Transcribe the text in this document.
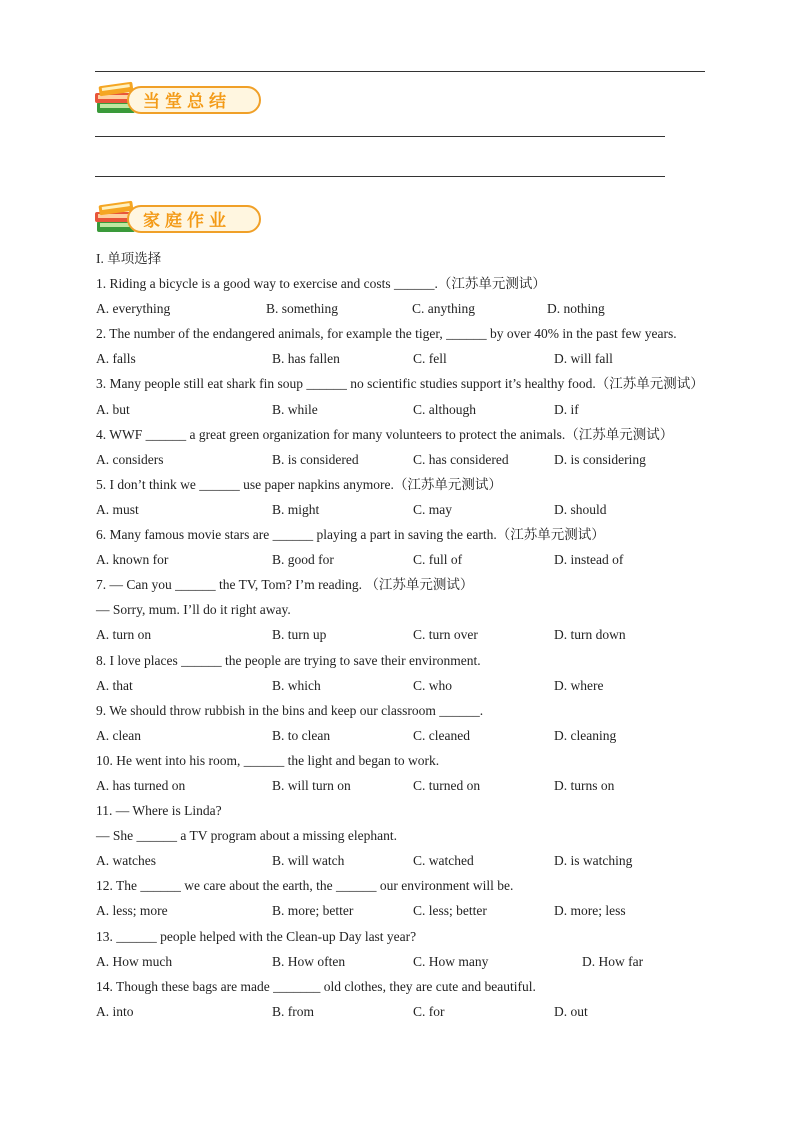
当堂总结
家庭作业
I. 单项选择
1. Riding a bicycle is a good way to exercise and costs ______.（江苏单元测试）
A. everything	B. something	C. anything	D. nothing
2. The number of the endangered animals, for example the tiger, ______ by over 40% in the past few years.
A. falls	B. has fallen	C. fell	D. will fall
3. Many people still eat shark fin soup ______ no scientific studies support it’s healthy food.（江苏单元测试）
A. but	B. while	C. although	D. if
4. WWF ______ a great green organization for many volunteers to protect the animals.（江苏单元测试）
A. considers	B. is considered	C. has considered	D. is considering
5. I don’t think we ______ use paper napkins anymore.（江苏单元测试）
A. must	B. might	C. may	D. should
6. Many famous movie stars are ______ playing a part in saving the earth.（江苏单元测试）
A. known for	B. good for	C. full of	D. instead of
7. — Can you ______ the TV, Tom? I’m reading. （江苏单元测试）
— Sorry, mum. I’ll do it right away.
A. turn on	B. turn up	C. turn over	D. turn down
8. I love places ______ the people are trying to save their environment.
A. that	B. which	C. who	D. where
9. We should throw rubbish in the bins and keep our classroom ______.
A. clean	B. to clean	C. cleaned	D. cleaning
10. He went into his room, ______ the light and began to work.
A. has turned on	B. will turn on	C. turned on	D. turns on
11. — Where is Linda?
— She ______ a TV program about a missing elephant.
A. watches	B. will watch	C. watched	D. is watching
12. The ______ we care about the earth, the ______ our environment will be.
A. less; more	B. more; better	C. less; better	D. more; less
13. ______ people helped with the Clean-up Day last year?
A. How much	B. How often	C. How many	D. How far
14. Though these bags are made _______ old clothes, they are cute and beautiful.
A. into	B. from	C. for	D. out
